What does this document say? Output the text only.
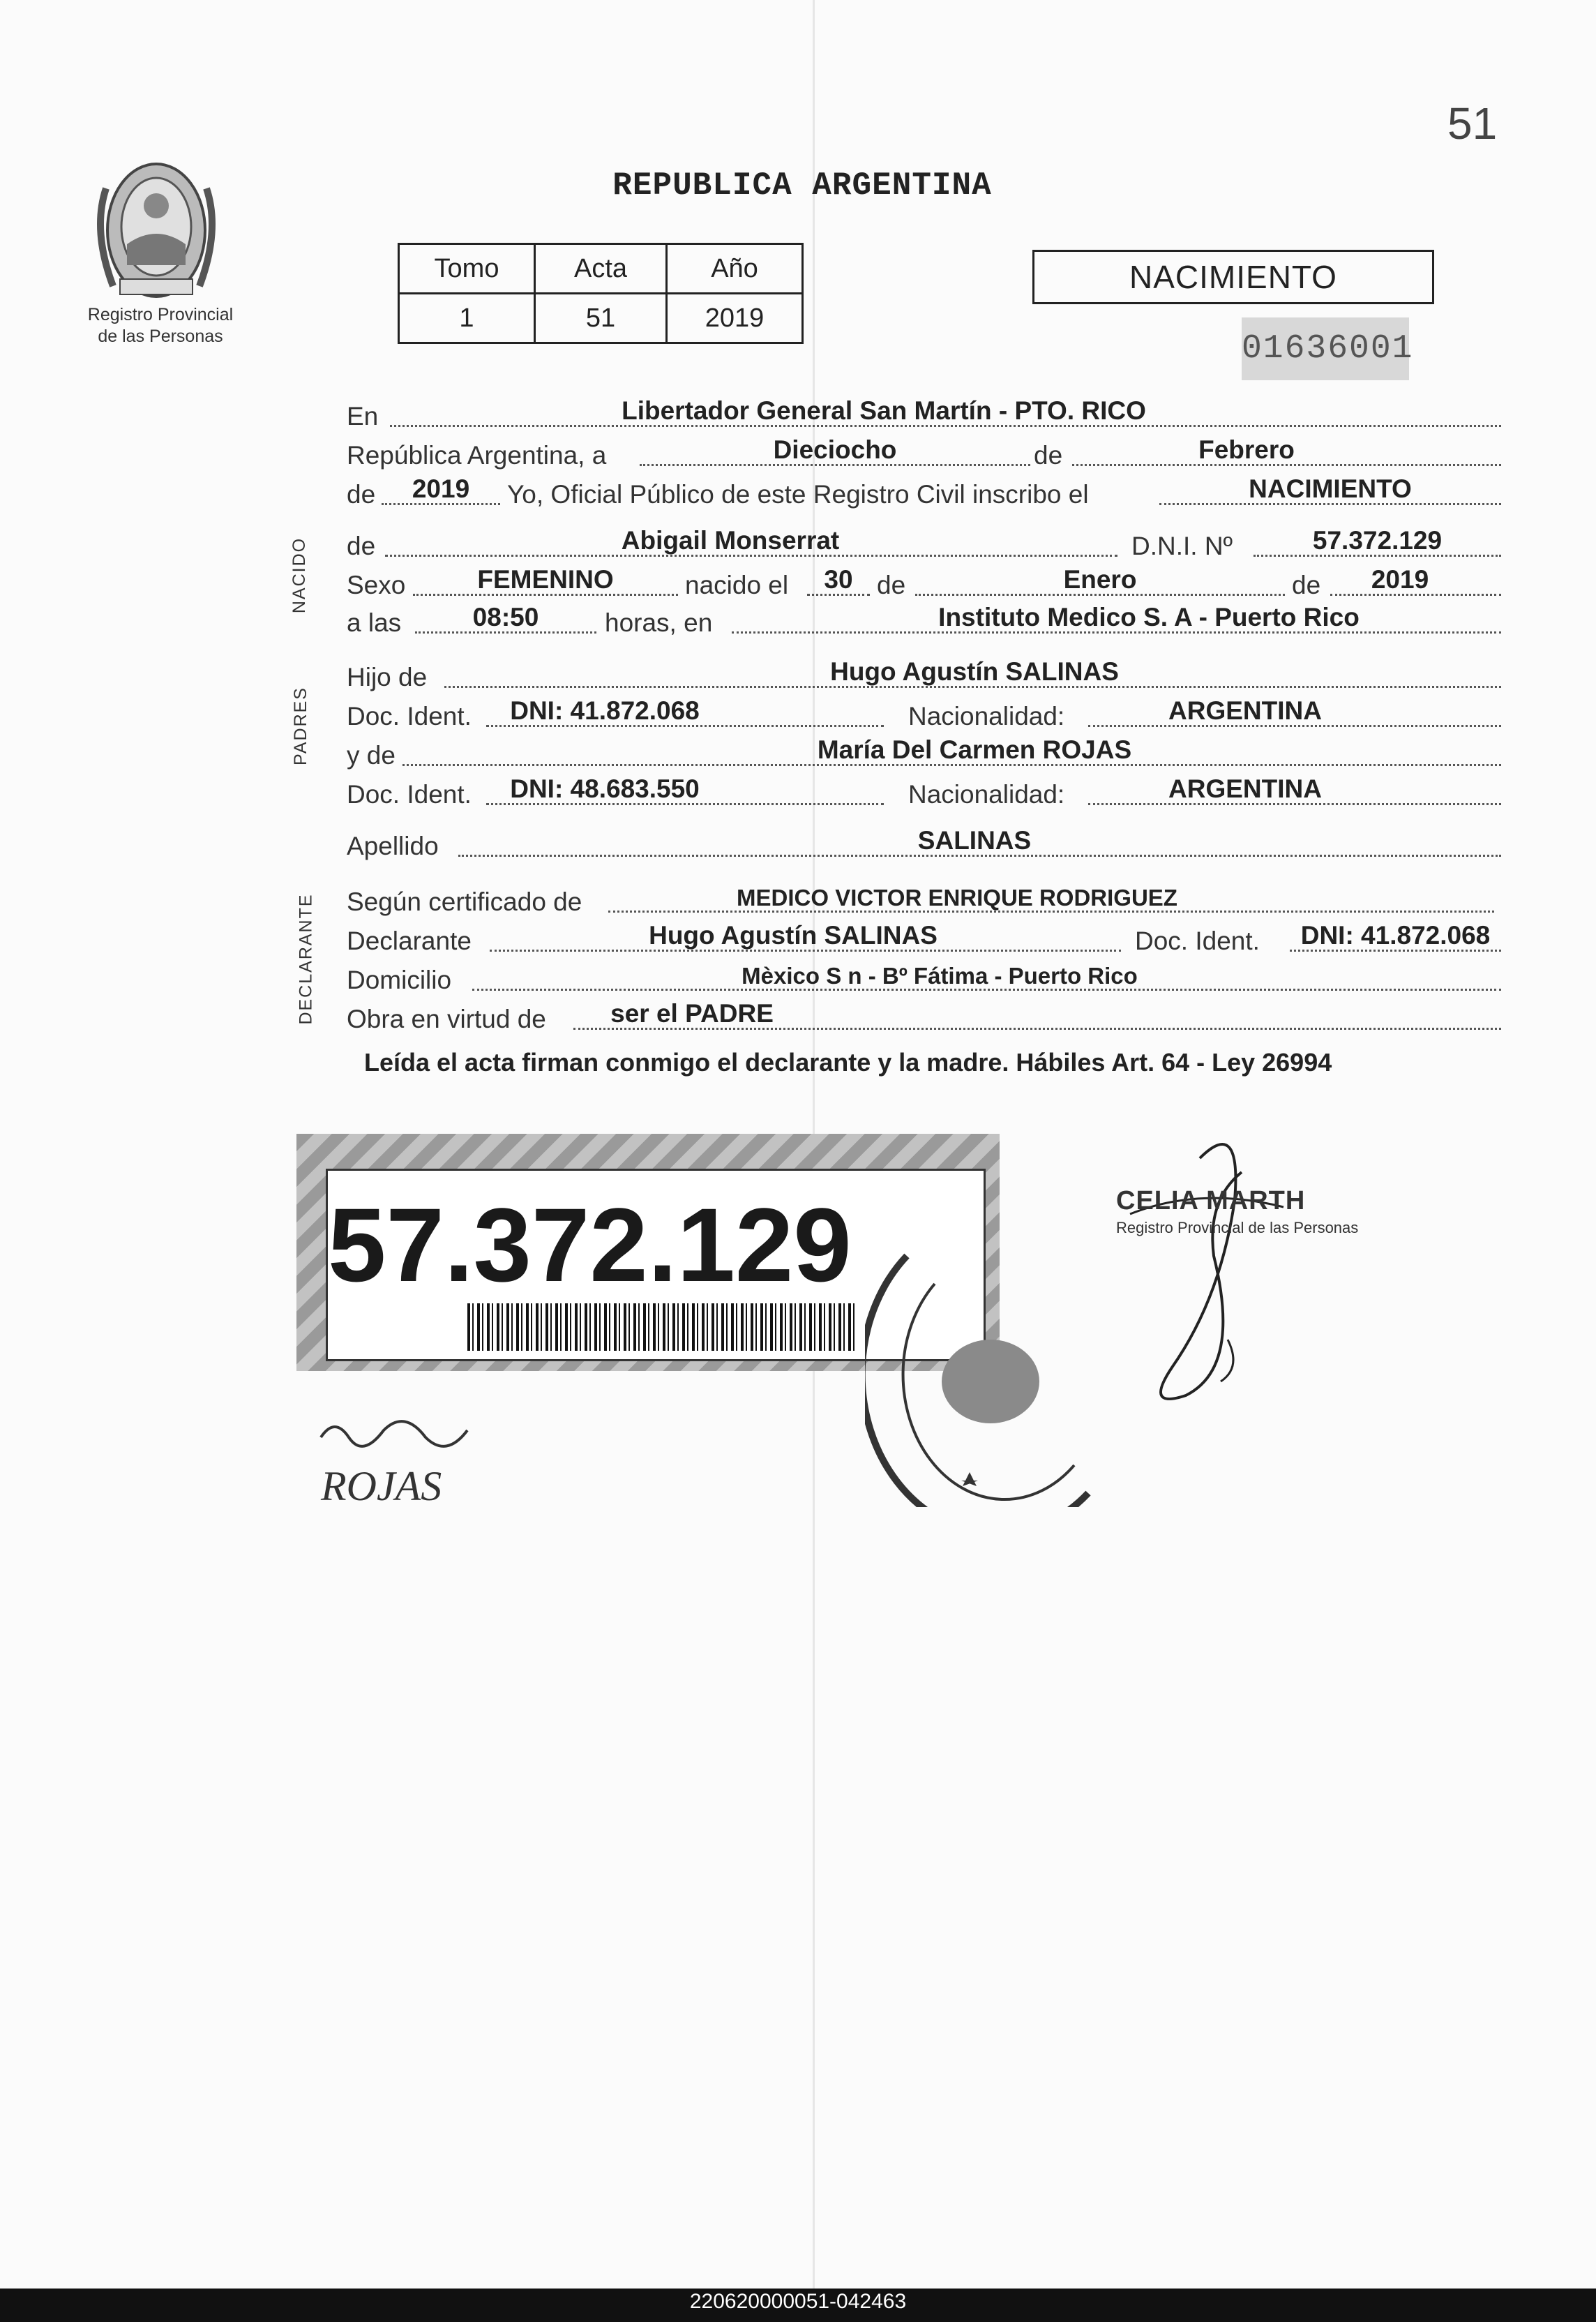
51
Registro Provincial
de las Personas
REPUBLICA ARGENTINA
Tomo	Acta	Año
1	51	2019
NACIMIENTO
01636001
NACIDO
PADRES
DECLARANTE
En	Libertador General San Martín - PTO. RICO
República Argentina, a	Dieciocho	de	Febrero
de	2019	Yo, Oficial Público de este Registro Civil inscribo el	NACIMIENTO
de	Abigail Monserrat	D.N.I. Nº	57.372.129
Sexo	FEMENINO	nacido el	30 de	Enero	de	2019
a las	08:50	horas, en	Instituto Medico S. A - Puerto Rico
Hijo de	Hugo Agustín SALINAS
Doc. Ident.	DNI: 41.872.068	Nacionalidad:	ARGENTINA
y de	María Del Carmen ROJAS
Doc. Ident.	DNI: 48.683.550	Nacionalidad:	ARGENTINA
Apellido	SALINAS
Según certificado de	MEDICO VICTOR ENRIQUE RODRIGUEZ
Declarante	Hugo Agustín SALINAS	Doc. Ident.	DNI: 41.872.068
Domicilio	Mèxico S n - Bº Fátima - Puerto Rico
Obra en virtud de	ser el PADRE
Leída el acta firman conmigo el declarante y la madre. Hábiles Art. 64 - Ley 26994
57.372.129	CELIA MARTH
Registro Provincial de las Personas
ROJAS
220620000051-042463
